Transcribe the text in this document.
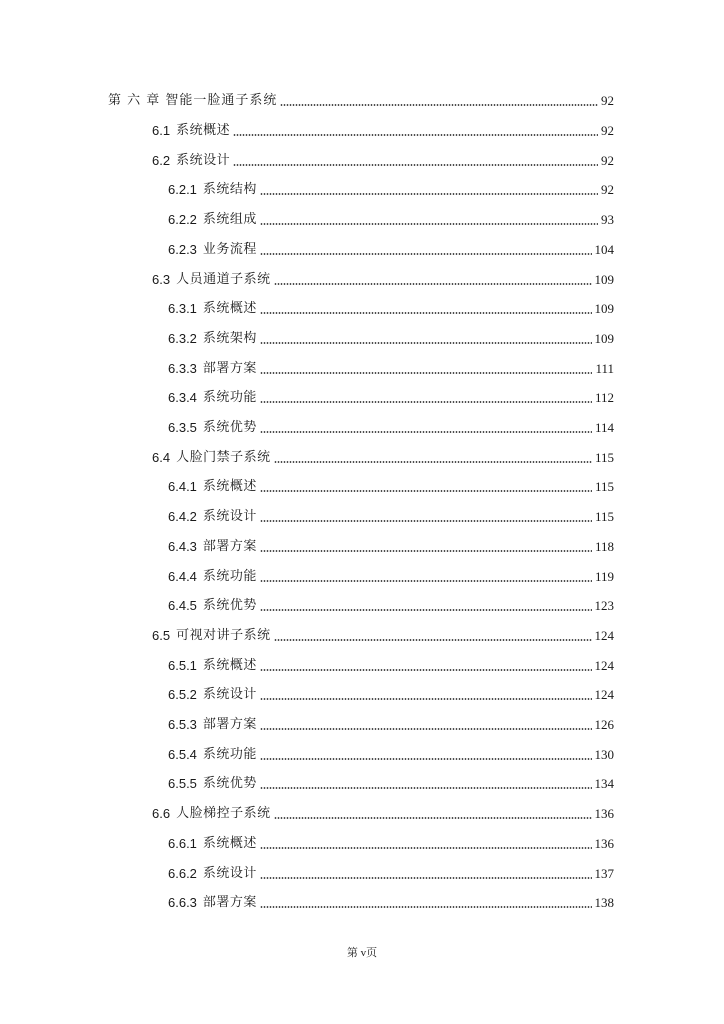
第 六 章 智能一脸通子系统	92
6.1 系统概述	92
6.2 系统设计	92
6.2.1 系统结构	92
6.2.2 系统组成	93
6.2.3 业务流程	104
6.3 人员通道子系统	109
6.3.1 系统概述	109
6.3.2 系统架构	109
6.3.3 部署方案	111
6.3.4 系统功能	112
6.3.5 系统优势	114
6.4 人脸门禁子系统	115
6.4.1 系统概述	115
6.4.2 系统设计	115
6.4.3 部署方案	118
6.4.4 系统功能	119
6.4.5 系统优势	123
6.5 可视对讲子系统	124
6.5.1 系统概述	124
6.5.2 系统设计	124
6.5.3 部署方案	126
6.5.4 系统功能	130
6.5.5 系统优势	134
6.6 人脸梯控子系统	136
6.6.1 系统概述	136
6.6.2 系统设计	137
6.6.3 部署方案	138
第 v页
